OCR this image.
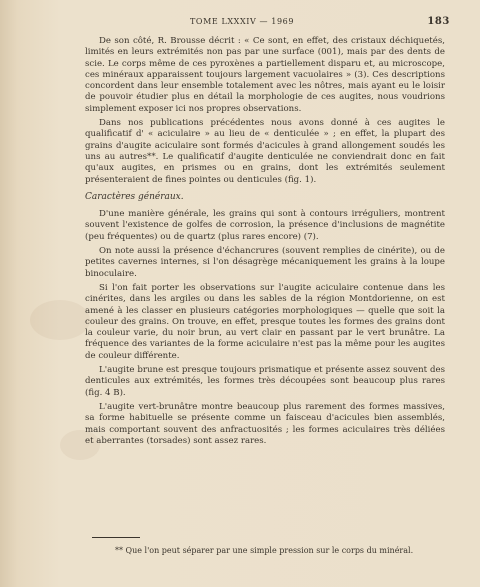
TOME LXXXIV — 1969	183

De son côté, R. Brousse décrit : « Ce sont, en effet, des cristaux déchiquetés, limités en leurs extrémités non pas par une surface (001), mais par des dents de scie. Le corps même de ces pyroxènes a partiellement disparu et, au microscope, ces minéraux apparaissent toujours largement vacuolaires » (3). Ces descriptions concordent dans leur ensemble totalement avec les nôtres, mais ayant eu le loisir de pouvoir étudier plus en détail la morphologie de ces augites, nous voudrions simplement exposer ici nos propres observations.

Dans nos publications précédentes nous avons donné à ces augites le qualificatif d' « aciculaire » au lieu de « denticulée » ; en effet, la plupart des grains d'augite aciculaire sont formés d'acicules à grand allongement soudés les uns au autres**. Le qualificatif d'augite denticulée ne conviendrait donc en fait qu'aux augites, en prismes ou en grains, dont les extrémités seulement présenteraient de fines pointes ou denticules (fig. 1).

Caractères généraux.

D'une manière générale, les grains qui sont à contours irréguliers, montrent souvent l'existence de golfes de corrosion, la présence d'inclusions de magnétite (peu fréquentes) ou de quartz (plus rares encore) (7).

On note aussi la présence d'échancrures (souvent remplies de cinérite), ou de petites cavernes internes, si l'on désagrège mécaniquement les grains à la loupe binoculaire.

Si l'on fait porter les observations sur l'augite aciculaire contenue dans les cinérites, dans les argiles ou dans les sables de la région Montdorienne, on est amené à les classer en plusieurs catégories morphologiques — quelle que soit la couleur des grains. On trouve, en effet, presque toutes les formes des grains dont la couleur varie, du noir brun, au vert clair en passant par le vert brunâtre. La fréquence des variantes de la forme aciculaire n'est pas la même pour les augites de couleur différente.

L'augite brune est presque toujours prismatique et présente assez souvent des denticules aux extrémités, les formes très découpées sont beaucoup plus rares (fig. 4 B).

L'augite vert-brunâtre montre beaucoup plus rarement des formes massives, sa forme habituelle se présente comme un faisceau d'acicules bien assemblés, mais comportant souvent des anfractuosités ; les formes aciculaires très déliées et aberrantes (torsades) sont assez rares.

** Que l'on peut séparer par une simple pression sur le corps du minéral.
